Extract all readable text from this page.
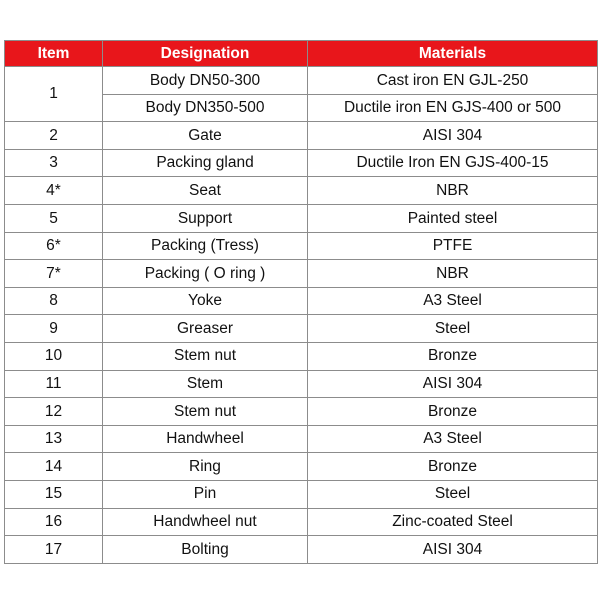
Item	Designation	Materials
1	Body DN50-300	Cast iron EN GJL-250
	Body DN350-500	Ductile iron EN GJS-400 or 500
2	Gate	AISI 304
3	Packing gland	Ductile Iron EN GJS-400-15
4*	Seat	NBR
5	Support	Painted steel
6*	Packing (Tress)	PTFE
7*	Packing ( O ring )	NBR
8	Yoke	A3 Steel
9	Greaser	Steel
10	Stem nut	Bronze
11	Stem	AISI 304
12	Stem nut	Bronze
13	Handwheel	A3 Steel
14	Ring	Bronze
15	Pin	Steel
16	Handwheel nut	Zinc-coated Steel
17	Bolting	AISI 304
